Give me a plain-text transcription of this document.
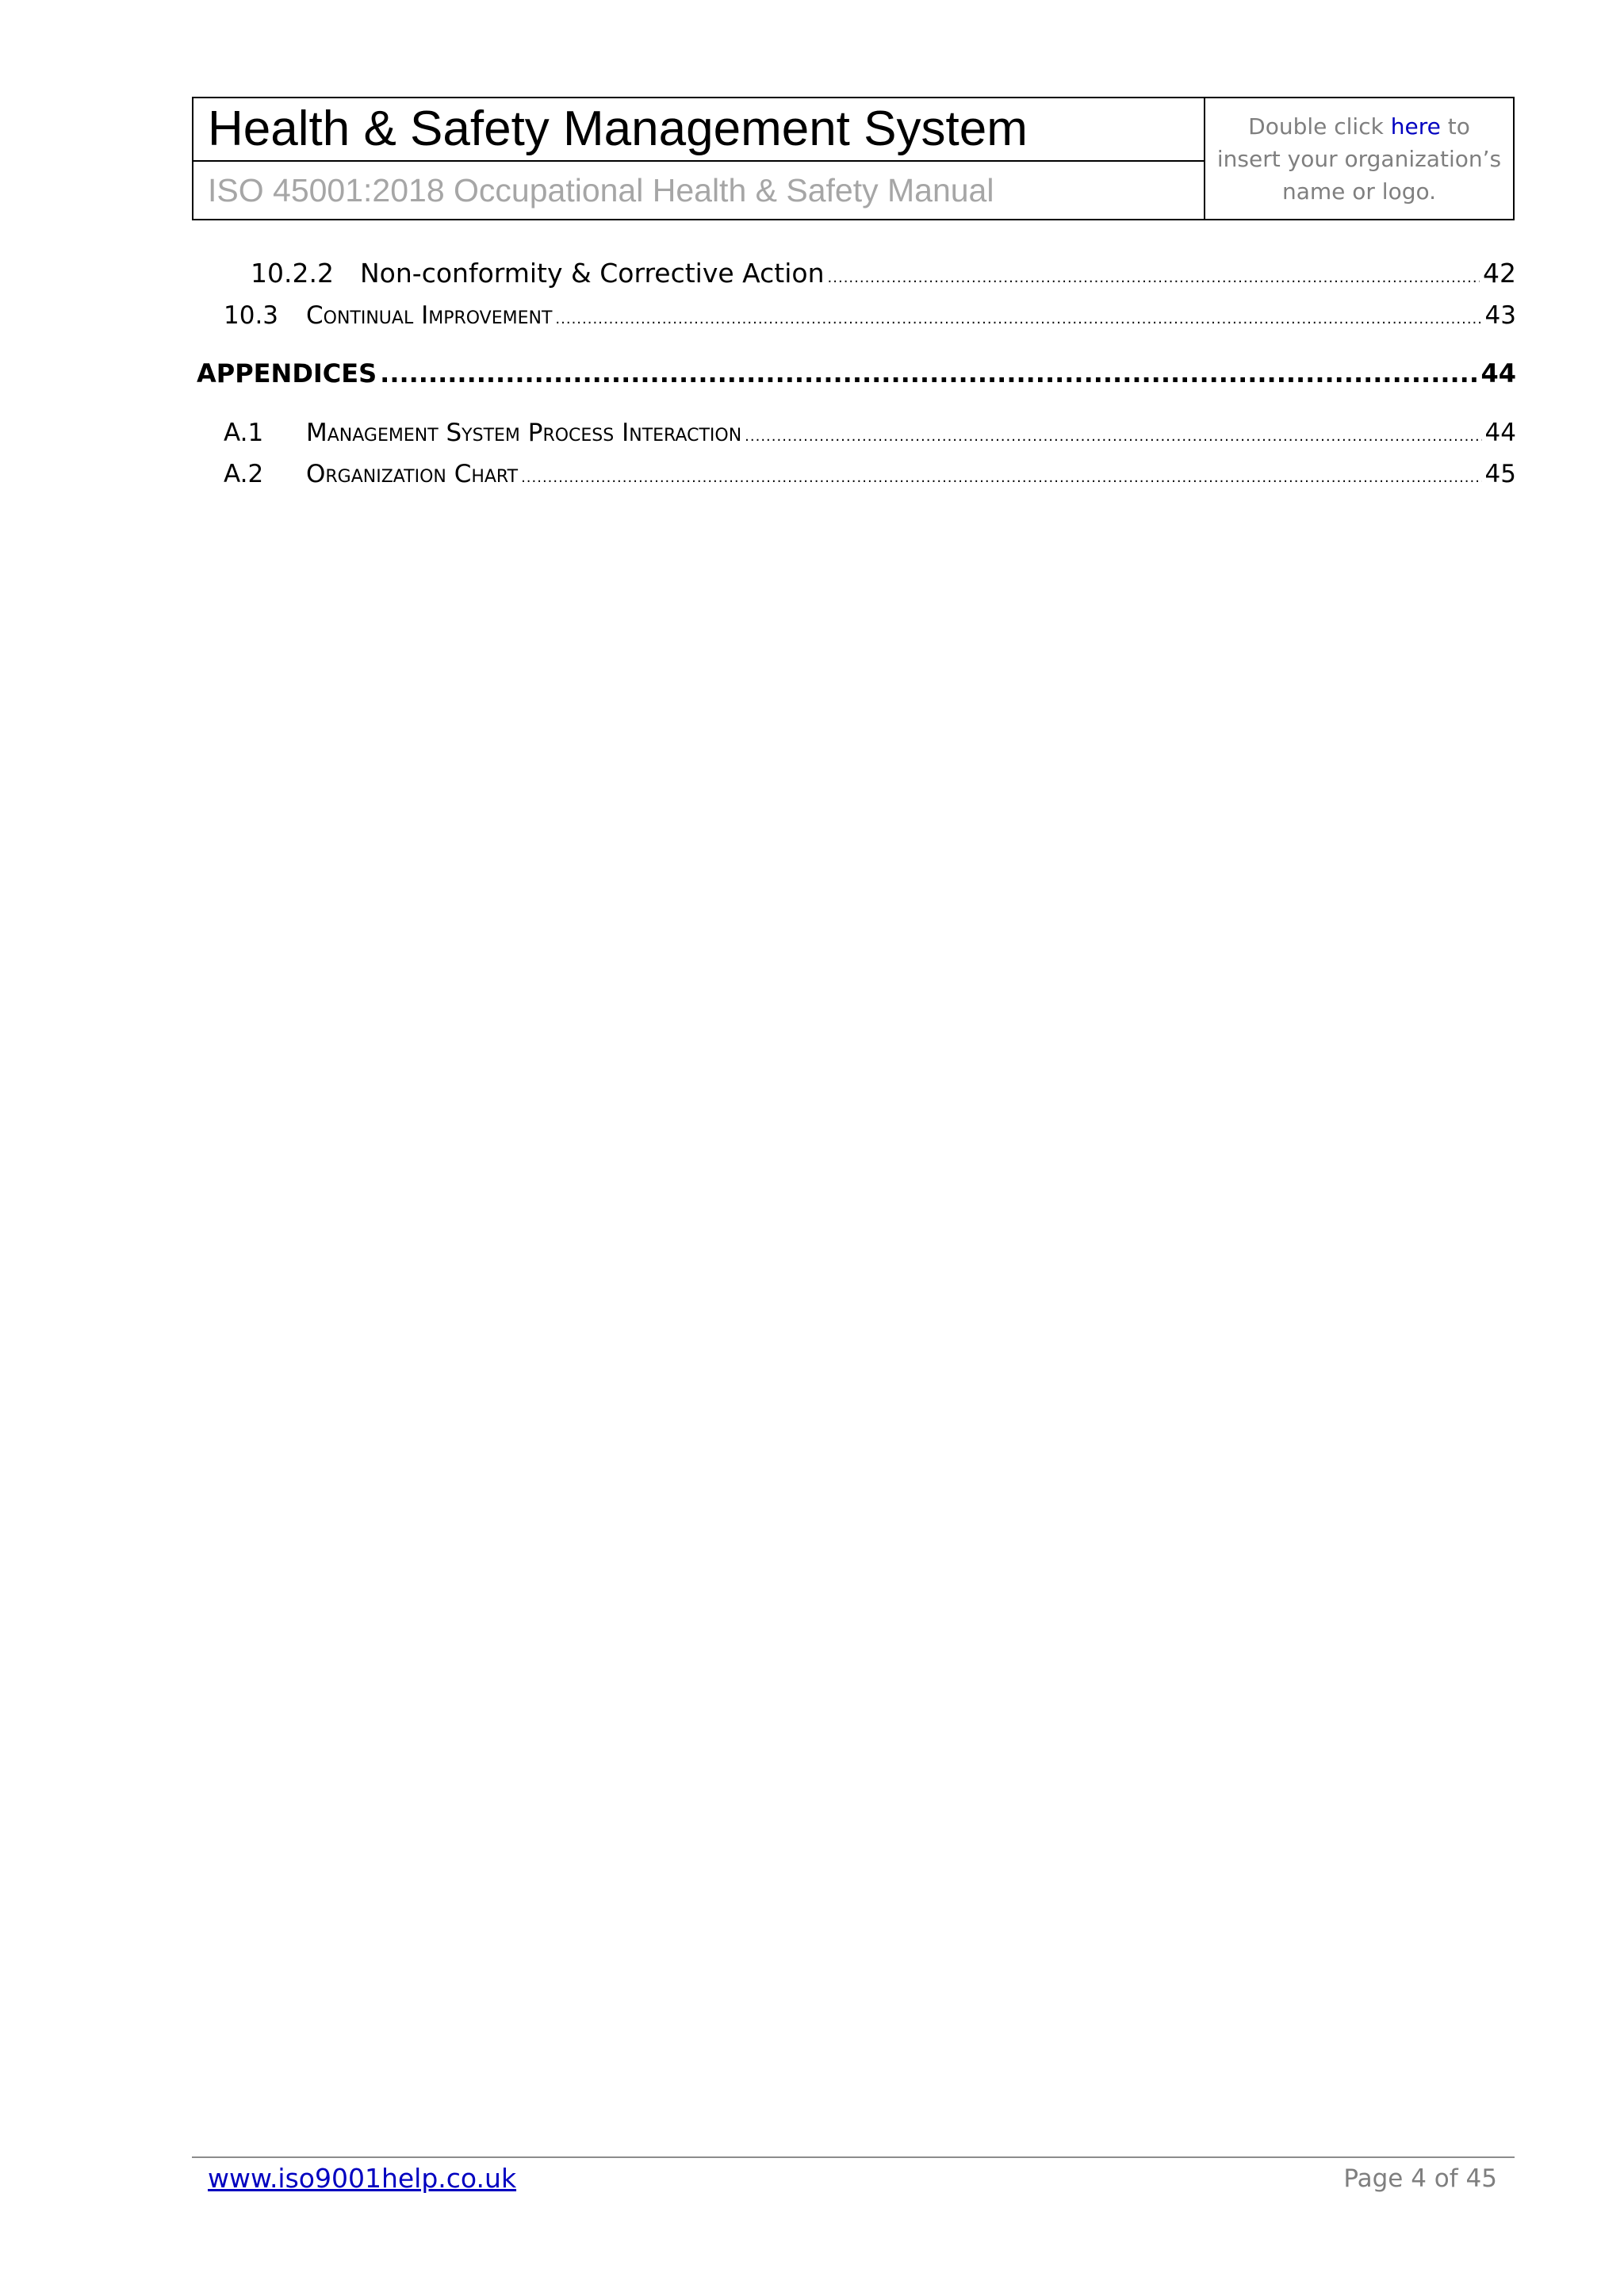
Health & Safety Management System
ISO 45001:2018 Occupational Health & Safety Manual
Double click here to
insert your organization’s
name or logo.
10.2.2	Non-conformity & Corrective Action .....	42
10.3	Continual Improvement .....	43
APPENDICES .....	44
A.1	Management System Process Interaction .....	44
A.2	Organization Chart .....	45
www.iso9001help.co.uk	Page 4 of 45
